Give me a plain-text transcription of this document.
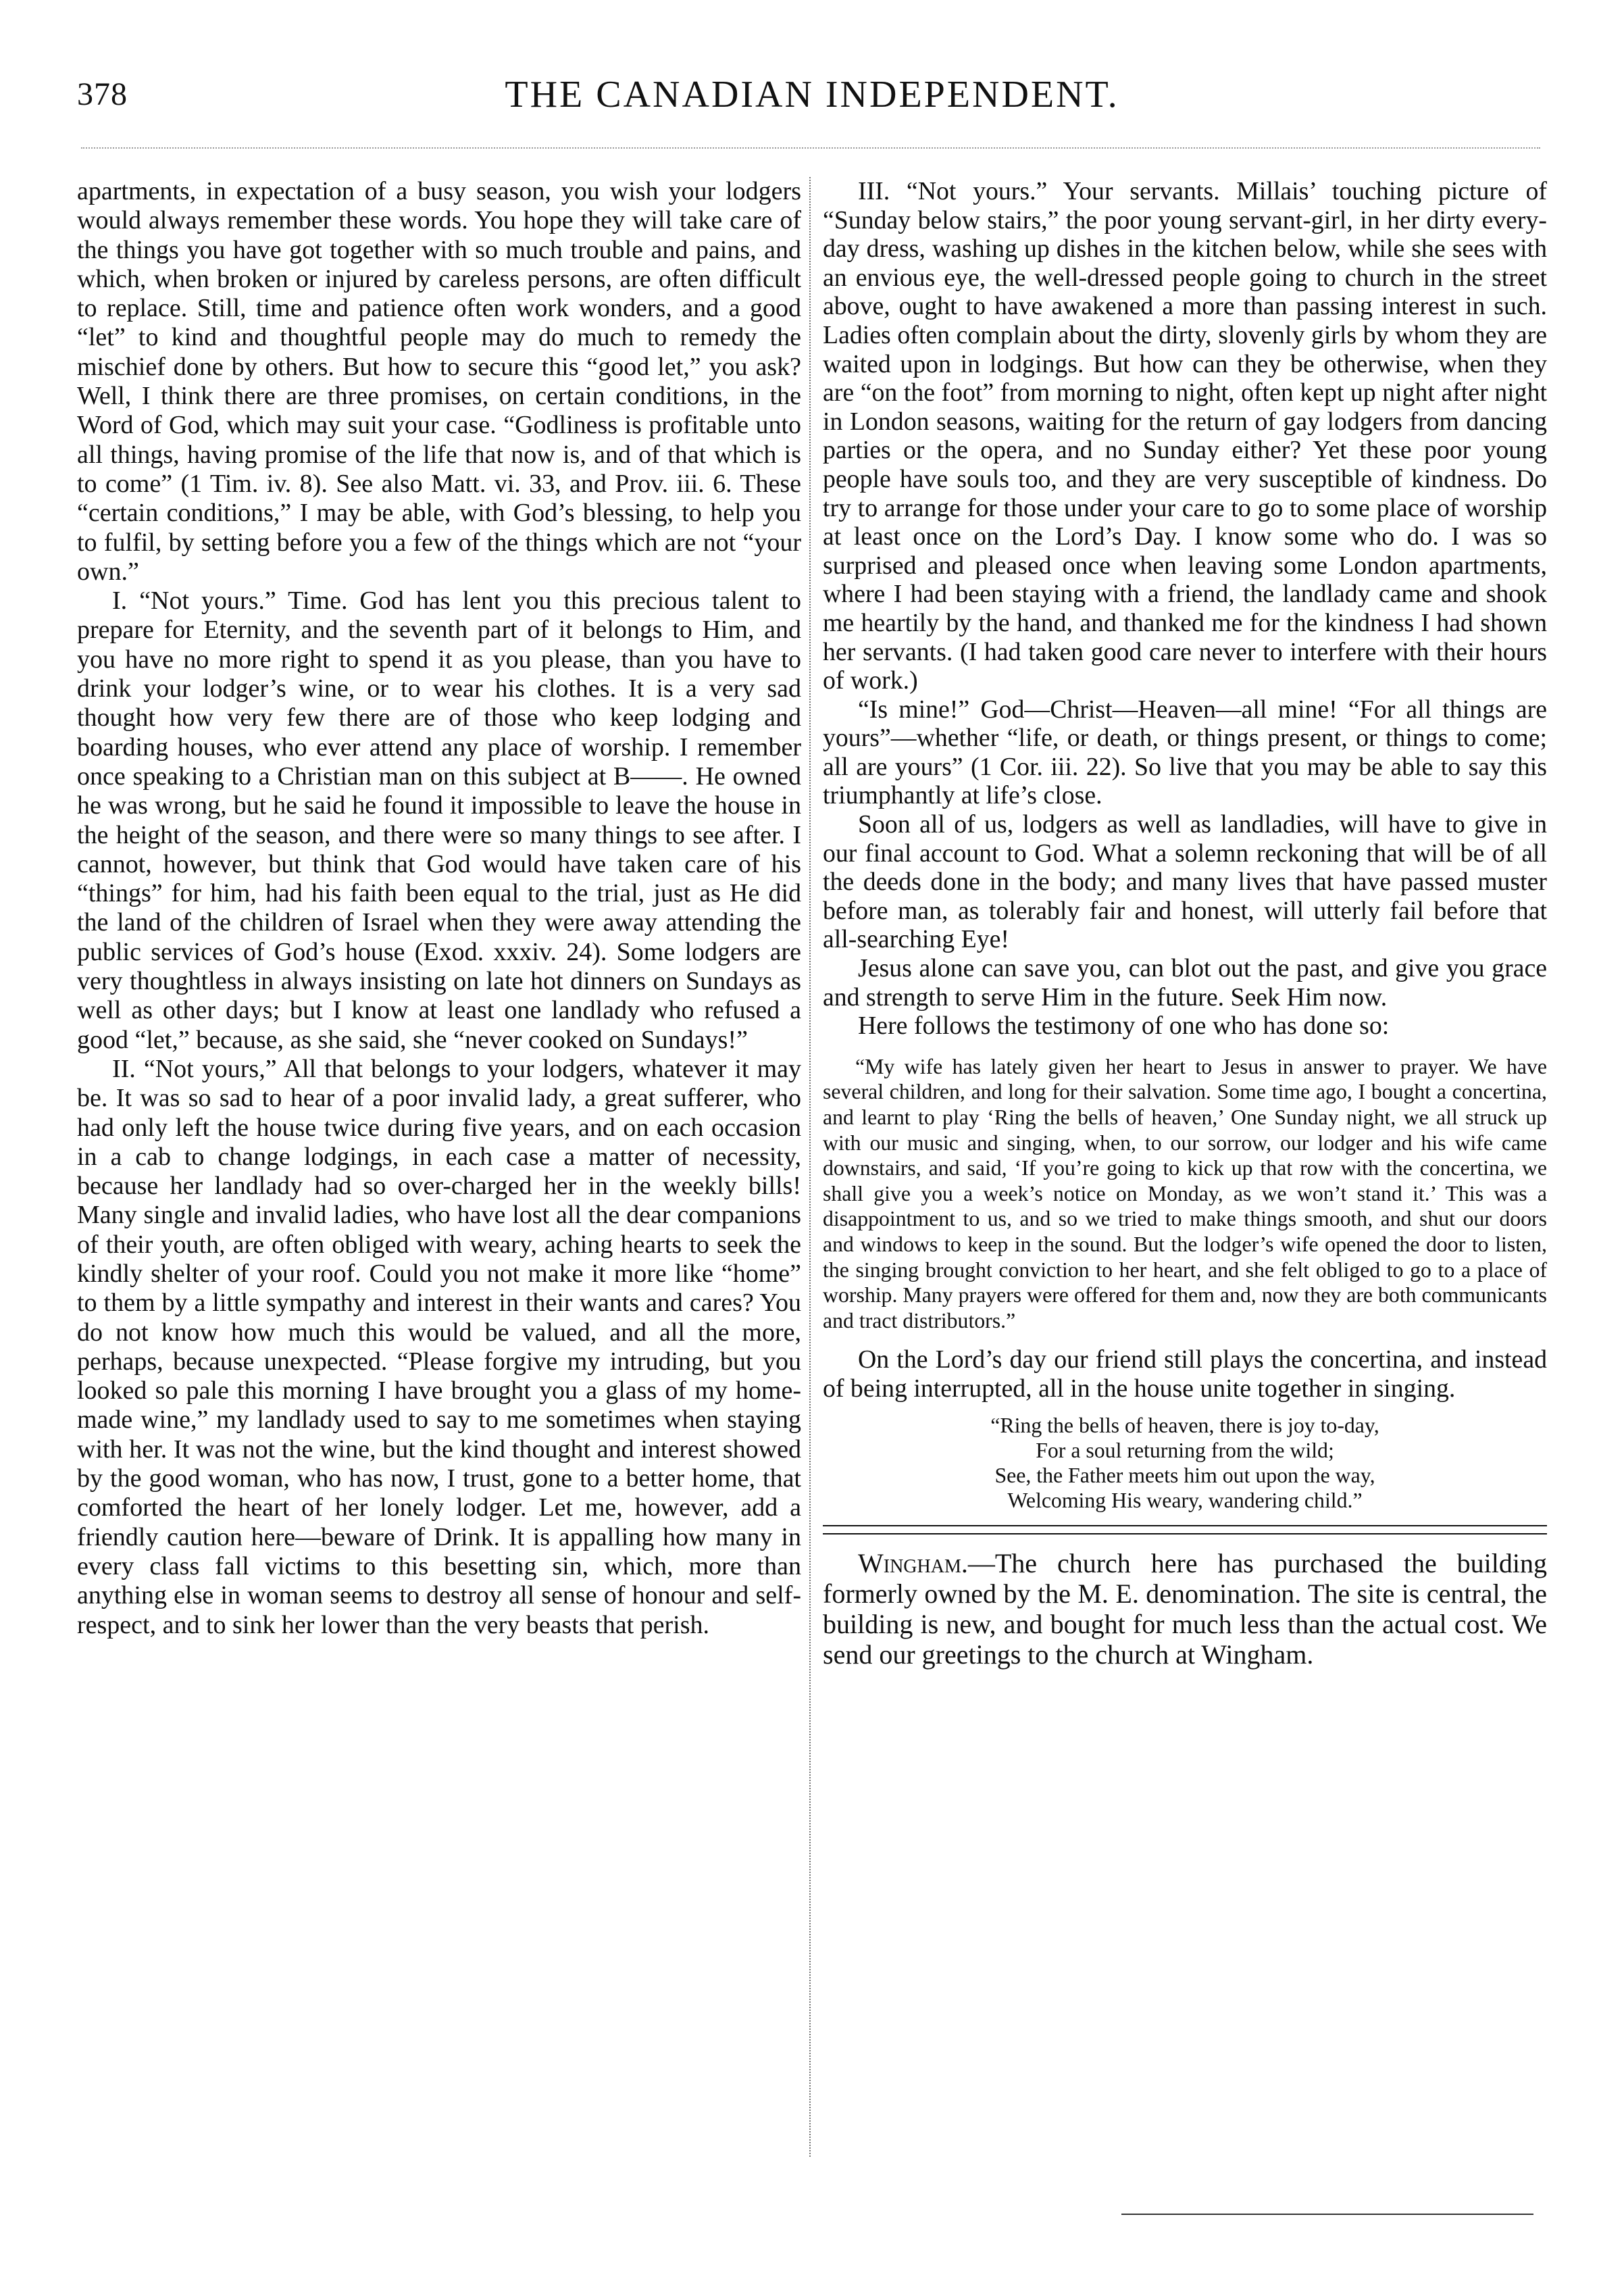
378	THE CANADIAN INDEPENDENT.

apartments, in expectation of a busy season, you wish your lodgers would always remember these words. You hope they will take care of the things you have got together with so much trouble and pains, and which, when broken or injured by careless persons, are often difficult to replace. Still, time and patience often work wonders, and a good “let” to kind and thoughtful people may do much to remedy the mischief done by others. But how to secure this “good let,” you ask? Well, I think there are three promises, on certain conditions, in the Word of God, which may suit your case. “Godliness is profitable unto all things, having promise of the life that now is, and of that which is to come” (1 Tim. iv. 8). See also Matt. vi. 33, and Prov. iii. 6. These “certain conditions,” I may be able, with God’s blessing, to help you to fulfil, by setting before you a few of the things which are not “your own.”

I. “Not yours.” Time. God has lent you this precious talent to prepare for Eternity, and the seventh part of it belongs to Him, and you have no more right to spend it as you please, than you have to drink your lodger’s wine, or to wear his clothes. It is a very sad thought how very few there are of those who keep lodging and boarding houses, who ever attend any place of worship. I remember once speaking to a Christian man on this subject at B——. He owned he was wrong, but he said he found it impossible to leave the house in the height of the season, and there were so many things to see after. I cannot, however, but think that God would have taken care of his “things” for him, had his faith been equal to the trial, just as He did the land of the children of Israel when they were away attending the public services of God’s house (Exod. xxxiv. 24). Some lodgers are very thoughtless in always insisting on late hot dinners on Sundays as well as other days; but I know at least one landlady who refused a good “let,” because, as she said, she “never cooked on Sundays!”

II. “Not yours,” All that belongs to your lodgers, whatever it may be. It was so sad to hear of a poor invalid lady, a great sufferer, who had only left the house twice during five years, and on each occasion in a cab to change lodgings, in each case a matter of necessity, because her landlady had so over-charged her in the weekly bills! Many single and invalid ladies, who have lost all the dear companions of their youth, are often obliged with weary, aching hearts to seek the kindly shelter of your roof. Could you not make it more like “home” to them by a little sympathy and interest in their wants and cares? You do not know how much this would be valued, and all the more, perhaps, because unexpected. “Please forgive my intruding, but you looked so pale this morning I have brought you a glass of my home-made wine,” my landlady used to say to me sometimes when staying with her. It was not the wine, but the kind thought and interest showed by the good woman, who has now, I trust, gone to a better home, that comforted the heart of her lonely lodger. Let me, however, add a friendly caution here—beware of Drink. It is appalling how many in every class fall victims to this besetting sin, which, more than anything else in woman seems to destroy all sense of honour and self-respect, and to sink her lower than the very beasts that perish.

III. “Not yours.” Your servants. Millais’ touching picture of “Sunday below stairs,” the poor young servant-girl, in her dirty every-day dress, washing up dishes in the kitchen below, while she sees with an envious eye, the well-dressed people going to church in the street above, ought to have awakened a more than passing interest in such. Ladies often complain about the dirty, slovenly girls by whom they are waited upon in lodgings. But how can they be otherwise, when they are “on the foot” from morning to night, often kept up night after night in London seasons, waiting for the return of gay lodgers from dancing parties or the opera, and no Sunday either? Yet these poor young people have souls too, and they are very susceptible of kindness. Do try to arrange for those under your care to go to some place of worship at least once on the Lord’s Day. I know some who do. I was so surprised and pleased once when leaving some London apartments, where I had been staying with a friend, the landlady came and shook me heartily by the hand, and thanked me for the kindness I had shown her servants. (I had taken good care never to interfere with their hours of work.)

“Is mine!” God—Christ—Heaven—all mine! “For all things are yours”—whether “life, or death, or things present, or things to come; all are yours” (1 Cor. iii. 22). So live that you may be able to say this triumphantly at life’s close.

Soon all of us, lodgers as well as landladies, will have to give in our final account to God. What a solemn reckoning that will be of all the deeds done in the body; and many lives that have passed muster before man, as tolerably fair and honest, will utterly fail before that all-searching Eye!

Jesus alone can save you, can blot out the past, and give you grace and strength to serve Him in the future. Seek Him now.

Here follows the testimony of one who has done so:

“My wife has lately given her heart to Jesus in answer to prayer. We have several children, and long for their salvation. Some time ago, I bought a concertina, and learnt to play ‘Ring the bells of heaven,’ One Sunday night, we all struck up with our music and singing, when, to our sorrow, our lodger and his wife came downstairs, and said, ‘If you’re going to kick up that row with the concertina, we shall give you a week’s notice on Monday, as we won’t stand it.’ This was a disappointment to us, and so we tried to make things smooth, and shut our doors and windows to keep in the sound. But the lodger’s wife opened the door to listen, the singing brought conviction to her heart, and she felt obliged to go to a place of worship. Many prayers were offered for them and, now they are both communicants and tract distributors.”

On the Lord’s day our friend still plays the concertina, and instead of being interrupted, all in the house unite together in singing.

“Ring the bells of heaven, there is joy to-day,
For a soul returning from the wild;
See, the Father meets him out upon the way,
Welcoming His weary, wandering child.”

Wingham.—The church here has purchased the building formerly owned by the M. E. denomination. The site is central, the building is new, and bought for much less than the actual cost. We send our greetings to the church at Wingham.
